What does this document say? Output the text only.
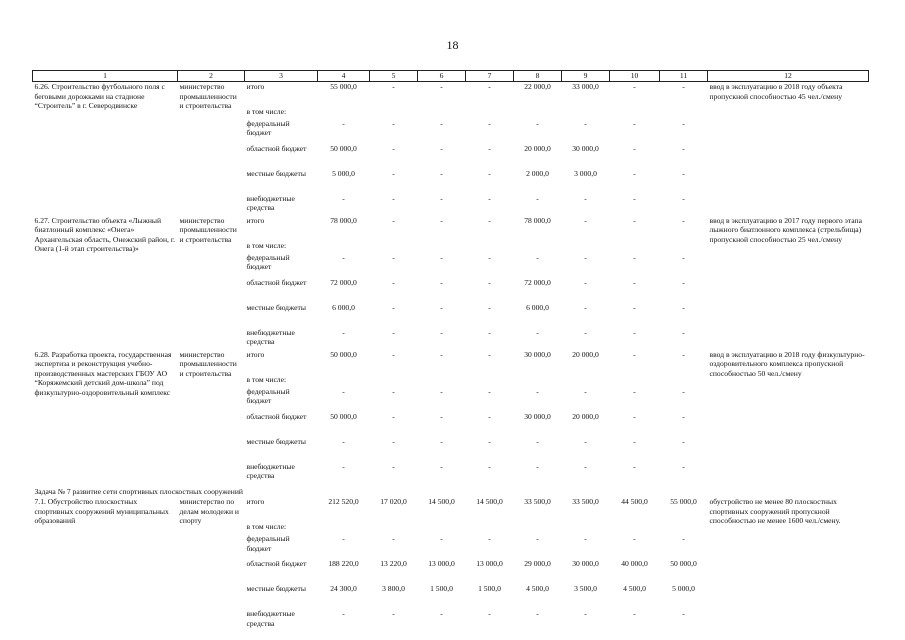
18
1	2	3	4	5	6	7	8	9	10	11	12
6.26. Строительство футбольного поля с беговыми дорожками на стадионе “Строитель” в г. Северодвинске	министерство промышленности и строительства	итого	55 000,0	-	-	-	22 000,0	33 000,0	-	-	ввод в эксплуатацию в 2018 году объекта пропускной способностью 45 чел./смену
		в том числе:									
		федеральный бюджет	-	-	-	-	-	-	-	-	
		областной бюджет	50 000,0	-	-	-	20 000,0	30 000,0	-	-	
		местные бюджеты	5 000,0	-	-	-	2 000,0	3 000,0	-	-	
		внебюджетные средства	-	-	-	-	-	-	-	-	
6.27. Строительство объекта «Лыжный биатлонный комплекс «Онега» Архангельская область, Онежский район, г. Онега (1-й этап строительства)»	министерство промышленности и строительства	итого	78 000,0	-	-	-	78 000,0	-	-	-	ввод в эксплуатацию в 2017 году первого этапа лыжного биатлонного комплекса (стрельбища) пропускной способностью 25 чел./смену
		в том числе:									
		федеральный бюджет	-	-	-	-	-	-	-	-	
		областной бюджет	72 000,0	-	-	-	72 000,0	-	-	-	
		местные бюджеты	6 000,0	-	-	-	6 000,0	-	-	-	
		внебюджетные средства	-	-	-	-	-	-	-	-	
6.28. Разработка проекта, государственная экспертиза и реконструкция учебно-производственных мастерских ГБОУ АО “Коряжемский детский дом-школа” под физкультурно-оздоровительный комплекс	министерство промышленности и строительства	итого	50 000,0	-	-	-	30 000,0	20 000,0	-	-	ввод в эксплуатацию в 2018 году физкультурно-оздоровительного комплекса пропускной способностью 50 чел./смену
		в том числе:									
		федеральный бюджет	-	-	-	-	-	-	-	-	
		областной бюджет	50 000,0	-	-	-	30 000,0	20 000,0	-	-	
		местные бюджеты	-	-	-	-	-	-	-	-	
		внебюджетные средства	-	-	-	-	-	-	-	-	
Задача № 7 развитие сети спортивных плоскостных сооружений											
7.1. Обустройство плоскостных спортивных сооружений муниципальных образований	министерство по делам молодежи и спорту	итого	212 520,0	17 020,0	14 500,0	14 500,0	33 500,0	33 500,0	44 500,0	55 000,0	обустройство не менее 80 плоскостных спортивных сооружений пропускной способностью не менее 1600 чел./смену.
		в том числе:									
		федеральный бюджет	-	-	-	-	-	-	-	-	
		областной бюджет	188 220,0	13 220,0	13 000,0	13 000,0	29 000,0	30 000,0	40 000,0	50 000,0	
		местные бюджеты	24 300,0	3 800,0	1 500,0	1 500,0	4 500,0	3 500,0	4 500,0	5 000,0	
		внебюджетные средства	-	-	-	-	-	-	-	-	
